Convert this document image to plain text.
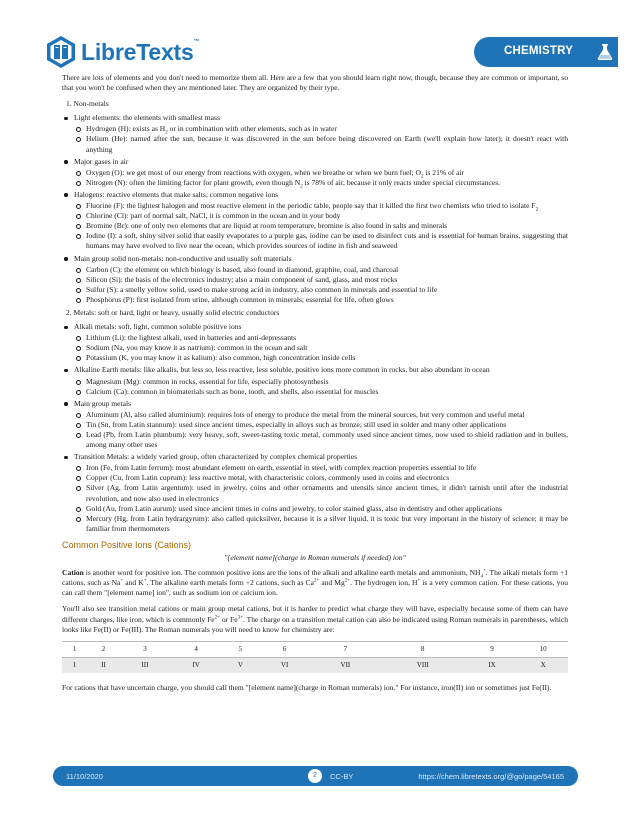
LibreTexts™
CHEMISTRY

There are lots of elements and you don't need to memorize them all. Here are a few that you should learn right now, though, because they are common or important, so that you won't be confused when they are mentioned later. They are organized by their type.

1. Non-metals
Light elements: the elements with smallest mass
Hydrogen (H): exists as $H_2$ or in combination with other elements, such as in water
Helium (He): named after the sun, because it was discovered in the sun before being discovered on Earth (we'll explain how later); it doesn't react with anything
Major gases in air
Oxygen (O): we get most of our energy from reactions with oxygen, when we breathe or when we burn fuel; $O_2$ is 21% of air
Nitrogen (N): often the limiting factor for plant growth, even though $N_2$ is 78% of air, because it only reacts under special circumstances.
Halogens: reactive elements that make salts; common negative ions
Fluorine (F): the lightest halogen and most reactive element in the periodic table, people say that it killed the first two chemists who tried to isolate $F_2$
Chlorine (Cl): part of normal salt, NaCl, it is common in the ocean and in your body
Bromine (Br): one of only two elements that are liquid at room temperature, bromine is also found in salts and minerals
Iodine (I): a soft, shiny silver solid that easily evaporates to a purple gas, iodine can be used to disinfect cuts and is essential for human brains, suggesting that humans may have evolved to live near the ocean, which provides sources of iodine in fish and seaweed
Main group solid non-metals: non-conductive and usually soft materials
Carbon (C): the element on which biology is based, also found in diamond, graphite, coal, and charcoal
Silicon (Si): the basis of the electronics industry; also a main component of sand, glass, and most rocks
Sulfur (S): a smelly yellow solid, used to make strong acid in industry, also common in minerals and essential to life
Phosphorus (P): first isolated from urine, although common in minerals; essential for life, often glows
2. Metals: soft or hard, light or heavy, usually solid electric conductors
Alkali metals: soft, light, common soluble positive ions
Lithium (Li): the lightest alkali, used in batteries and anti-depressants
Sodium (Na, you may know it as natrium): common in the ocean and salt
Potassium (K, you may know it as kalium): also common, high concentration inside cells
Alkaline Earth metals: like alkalis, but less so, less reactive, less soluble, positive ions more common in rocks, but also abundant in ocean
Magnesium (Mg): common in rocks, essential for life, especially photosynthesis
Calcium (Ca): common in biomaterials such as bone, tooth, and shells, also essential for muscles
Main group metals
Aluminum (Al, also called aluminium): requires lots of energy to produce the metal from the mineral sources, but very common and useful metal
Tin (Sn, from Latin stannum): used since ancient times, especially in alloys such as bronze; still used in solder and many other applications
Lead (Pb, from Latin plumbum): very heavy, soft, sweet-tasting toxic metal, commonly used since ancient times, now used to shield radiation and in bullets, among many other uses
Transition Metals: a widely varied group, often characterized by complex chemical properties
Iron (Fe, from Latin ferrum): most abundant element on earth, essential in steel, with complex reaction properties essential to life
Copper (Cu, from Latin cuprum): less reactive metal, with characteristic colors, commonly used in coins and electronics
Silver (Ag, from Latin argentum): used in jewelry, coins and other ornaments and utensils since ancient times, it didn't tarnish until after the industrial revolution, and now also used in electronics
Gold (Au, from Latin aurum): used since ancient times in coins and jewelry, to color stained glass, also in dentistry and other applications
Mercury (Hg, from Latin hydrargyrum): also called quicksilver, because it is a silver liquid, it is toxic but very important in the history of science; it may be familiar from thermometers
Common Positive Ions (Cations)
"[element name](charge in Roman numerals if needed) ion"

Cation is another word for positive ion. The common positive ions are the ions of the alkali and alkaline earth metals and ammonium, $NH_4^+$. The alkali metals form +1 cations, such as Na+ and K+. The alkaline earth metals form +2 cations, such as $Ca^{2+}$ and $Mg^{2+}$. The hydrogen ion, H+ is a very common cation. For these cations, you can call them "[element name] ion", such as sodium ion or calcium ion.

You'll also see transition metal cations or main group metal cations, but it is harder to predict what charge they will have, especially because some of them can have different charges, like iron, which is commonly $Fe^{2+}$ or $Fe^{3+}$. The charge on a transition metal cation can also be indicated using Roman numerals in parentheses, which looks like Fe(II) or Fe(III). The Roman numerals you will need to know for chemistry are:

1	2	3	4	5	6	7	8	9	10
I	II	III	IV	V	VI	VII	VIII	IX	X

For cations that have uncertain charge, you should call them "[element name](charge in Roman numerals) ion." For instance, iron(II) ion or sometimes just Fe(II).

11/10/2020	2	CC-BY	https://chem.libretexts.org/@go/page/54165
